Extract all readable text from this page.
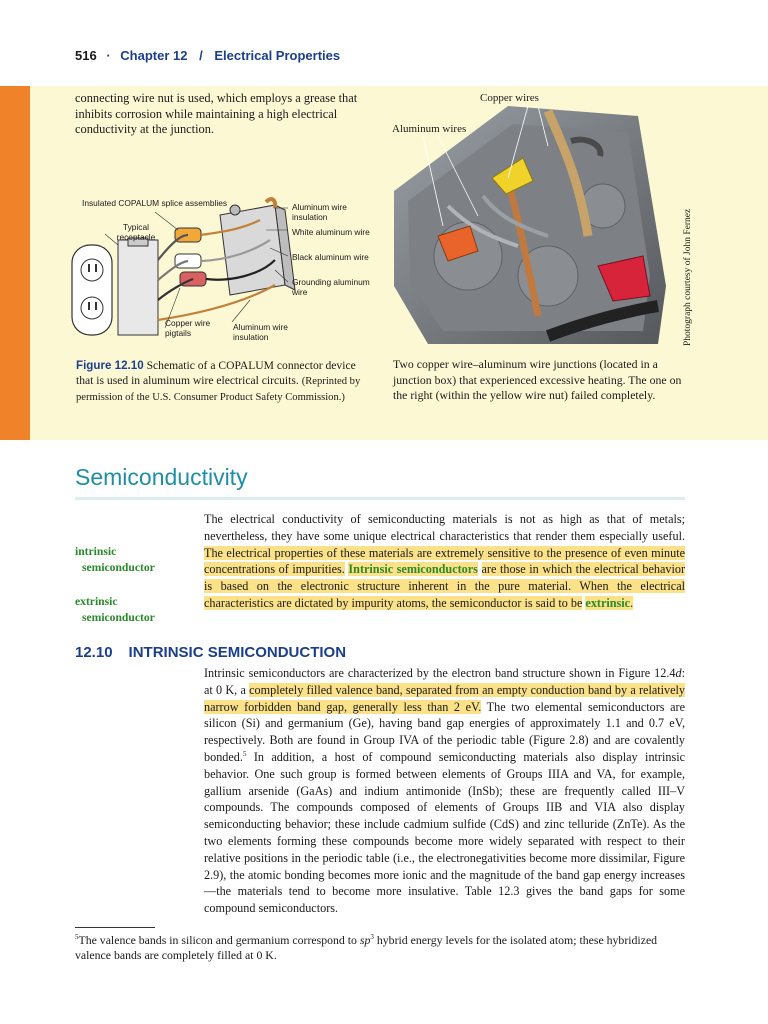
516 · Chapter 12 / Electrical Properties
connecting wire nut is used, which employs a grease that inhibits corrosion while maintaining a high electrical conductivity at the junction.
Insulated COPALUM splice assemblies
Typical receptacle
Aluminum wire insulation
White aluminum wire
Black aluminum wire
Grounding aluminum wire
Copper wire pigtails
Aluminum wire insulation
Figure 12.10 Schematic of a COPALUM connector device that is used in aluminum wire electrical circuits. (Reprinted by permission of the U.S. Consumer Product Safety Commission.)
Copper wires
Aluminum wires
Photograph courtesy of John Fernez
Two copper wire–aluminum wire junctions (located in a junction box) that experienced excessive heating. The one on the right (within the yellow wire nut) failed completely.
Semiconductivity
intrinsic
semiconductor
extrinsic
semiconductor
The electrical conductivity of semiconducting materials is not as high as that of metals; nevertheless, they have some unique electrical characteristics that render them especially useful. The electrical properties of these materials are extremely sensitive to the presence of even minute concentrations of impurities. Intrinsic semiconductors are those in which the electrical behavior is based on the electronic structure inherent in the pure material. When the electrical characteristics are dictated by impurity atoms, the semiconductor is said to be extrinsic.
12.10 INTRINSIC SEMICONDUCTION
Intrinsic semiconductors are characterized by the electron band structure shown in Figure 12.4d: at 0 K, a completely filled valence band, separated from an empty conduction band by a relatively narrow forbidden band gap, generally less than 2 eV. The two elemental semiconductors are silicon (Si) and germanium (Ge), having band gap energies of approximately 1.1 and 0.7 eV, respectively. Both are found in Group IVA of the periodic table (Figure 2.8) and are covalently bonded.$^5$ In addition, a host of compound semiconducting materials also display intrinsic behavior. One such group is formed between elements of Groups IIIA and VA, for example, gallium arsenide (GaAs) and indium antimonide (InSb); these are frequently called III–V compounds. The compounds composed of elements of Groups IIB and VIA also display semiconducting behavior; these include cadmium sulfide (CdS) and zinc telluride (ZnTe). As the two elements forming these compounds become more widely separated with respect to their relative positions in the periodic table (i.e., the electronegativities become more dissimilar, Figure 2.9), the atomic bonding becomes more ionic and the magnitude of the band gap energy increases—the materials tend to become more insulative. Table 12.3 gives the band gaps for some compound semiconductors.
$^5$The valence bands in silicon and germanium correspond to $sp^3$ hybrid energy levels for the isolated atom; these hybridized valence bands are completely filled at 0 K.
